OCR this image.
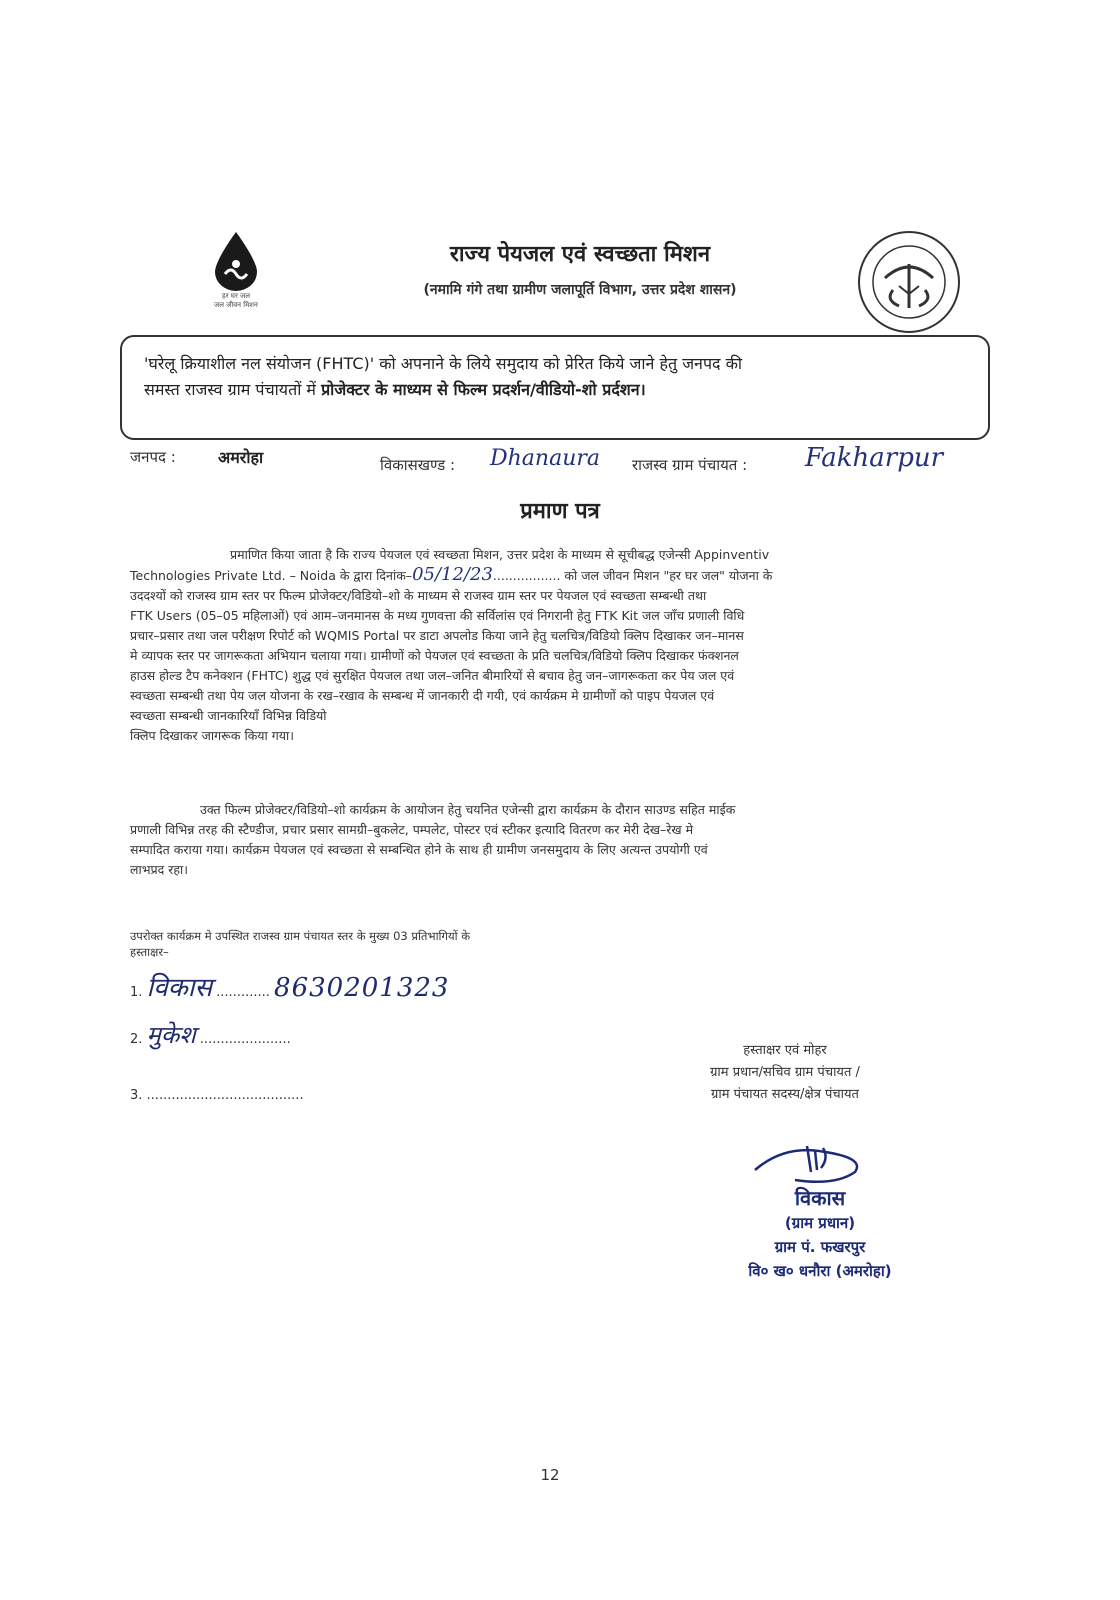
हर घर जल
जल जीवन मिशन
राज्य पेयजल एवं स्वच्छता मिशन
(नमामि गंगे तथा ग्रामीण जलापूर्ति विभाग, उत्तर प्रदेश शासन)
'घरेलू क्रियाशील नल संयोजन (FHTC)' को अपनाने के लिये समुदाय को प्रेरित किये जाने हेतु जनपद की
समस्त राजस्व ग्राम पंचायतों में प्रोजेक्टर के माध्यम से फिल्म प्रदर्शन/वीडियो-शो प्रर्दशन।
जनपद :	अमरोहा	विकासखण्ड : Dhanaura राजस्व ग्राम पंचायत : Fakharpur
प्रमाण पत्र
प्रमाणित किया जाता है कि राज्य पेयजल एवं स्वच्छता मिशन, उत्तर प्रदेश के माध्यम से सूचीबद्ध एजेन्सी Appinventiv
Technologies Private Ltd. – Noida के द्वारा दिनांक–05/12/23................. को जल जीवन मिशन "हर घर जल" योजना के
उददश्यों को राजस्व ग्राम स्तर पर फिल्म प्रोजेक्टर/विडियो–शो के माध्यम से राजस्व ग्राम स्तर पर पेयजल एवं स्वच्छता सम्बन्धी तथा
FTK Users (05–05 महिलाओं) एवं आम–जनमानस के मध्य गुणवत्ता की सर्विलांस एवं निगरानी हेतु FTK Kit जल जाँच प्रणाली विधि
प्रचार–प्रसार तथा जल परीक्षण रिपोर्ट को WQMIS Portal पर डाटा अपलोड किया जाने हेतु चलचित्र/विडियो क्लिप दिखाकर जन–मानस
मे व्यापक स्तर पर जागरूकता अभियान चलाया गया। ग्रामीणों को पेयजल एवं स्वच्छता के प्रति चलचित्र/विडियो क्लिप दिखाकर फंक्शनल
हाउस होल्ड टैप कनेक्शन (FHTC) शुद्ध एवं सुरक्षित पेयजल तथा जल–जनित बीमारियों से बचाव हेतु जन–जागरूकता कर पेय जल एवं
स्वच्छता सम्बन्धी तथा पेय जल योजना के रख–रखाव के सम्बन्ध में जानकारी दी गयी, एवं कार्यक्रम मे ग्रामीणों को पाइप पेयजल एवं
स्वच्छता सम्बन्धी जानकारियाँ विभिन्न विडियो
क्लिप दिखाकर जागरूक किया गया।
उक्त फिल्म प्रोजेक्टर/विडियो–शो कार्यक्रम के आयोजन हेतु चयनित एजेन्सी द्वारा कार्यक्रम के दौरान साउण्ड सहित माईक
प्रणाली विभिन्न तरह की स्टैण्डीज, प्रचार प्रसार सामग्री–बुकलेट, पम्पलेट, पोस्टर एवं स्टीकर इत्यादि वितरण कर मेरी देख–रेख मे
सम्पादित कराया गया। कार्यक्रम पेयजल एवं स्वच्छता से सम्बन्धित होने के साथ ही ग्रामीण जनसमुदाय के लिए अत्यन्त उपयोगी एवं
लाभप्रद रहा।
उपरोक्त कार्यक्रम मे उपस्थित राजस्व ग्राम पंचायत स्तर के मुख्य 03 प्रतिभागियों के
हस्ताक्षर–
1. विकास ............. 8630201323
2. मुकेश ......................
3. ......................................
हस्ताक्षर एवं मोहर
ग्राम प्रधान/सचिव ग्राम पंचायत /
ग्राम पंचायत सदस्य/क्षेत्र पंचायत
विकास
(ग्राम प्रधान)
ग्राम पं. फखरपुर
वि० ख० धनौरा (अमरोहा)
12
